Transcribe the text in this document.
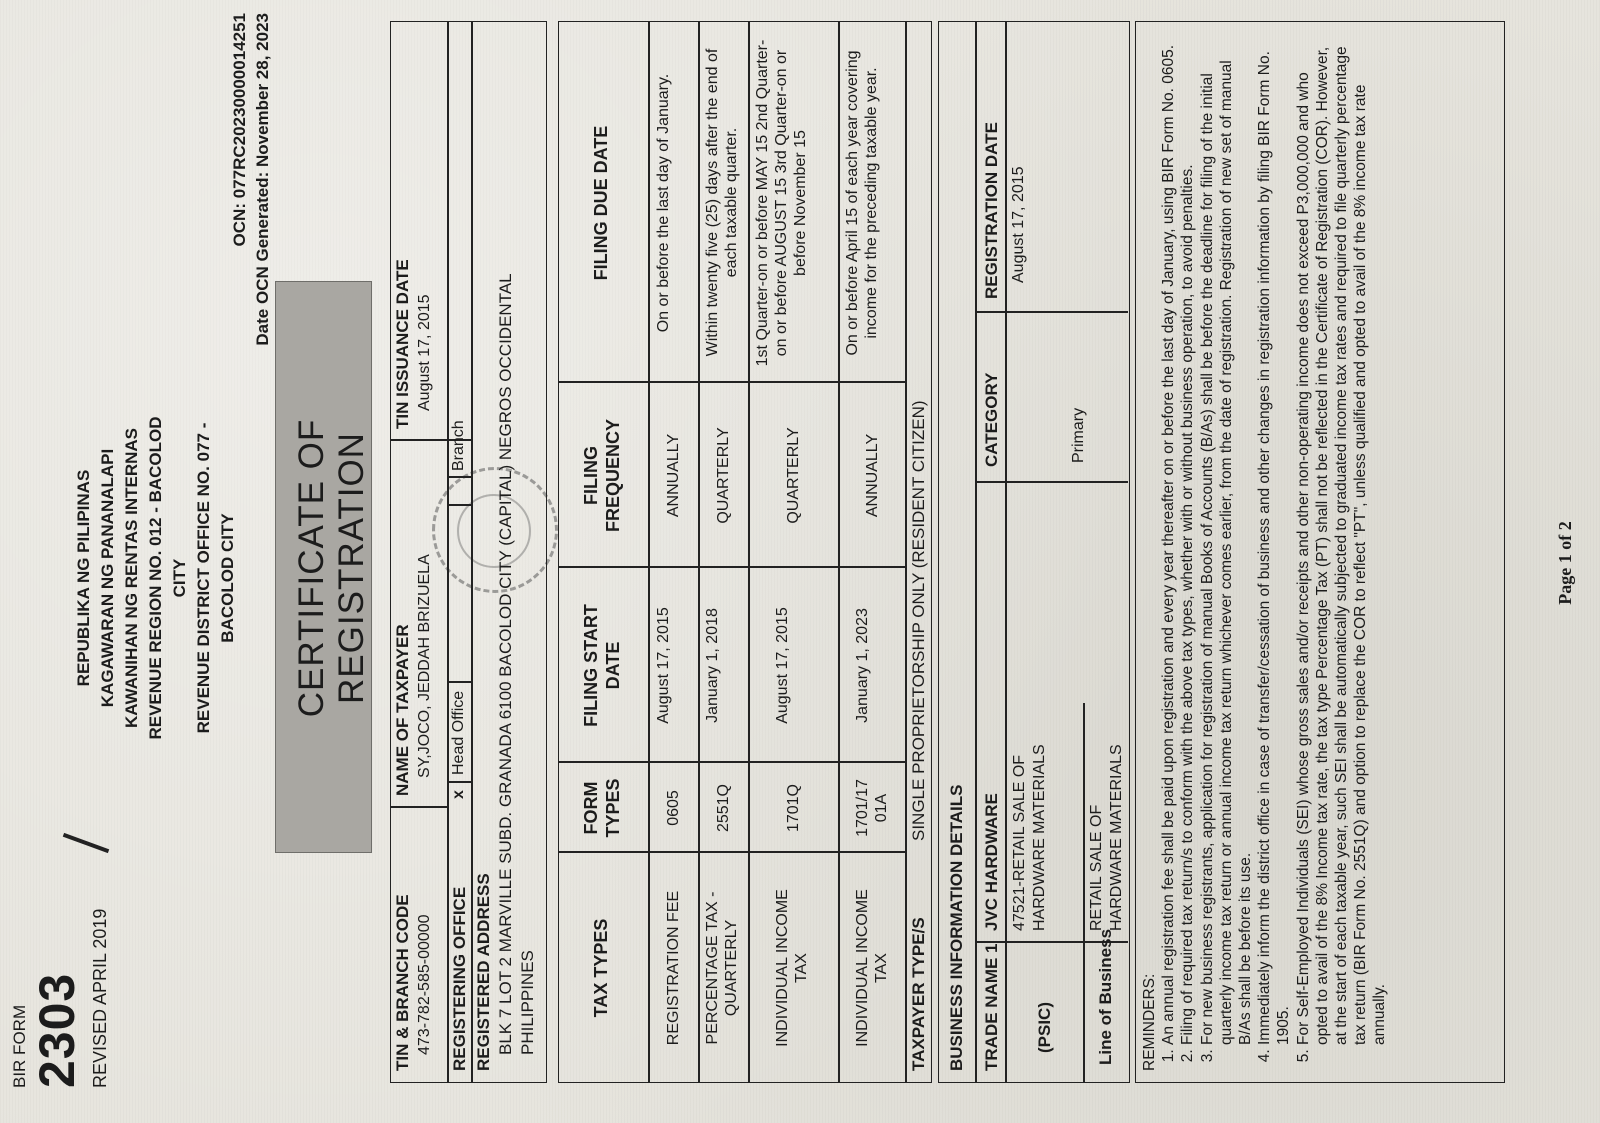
BIR FORM 2303 REVISED APRIL 2019
REPUBLIKA NG PILIPINAS KAGAWARAN NG PANANALAPI KAWANIHAN NG RENTAS INTERNAS REVENUE REGION NO. 012 - BACOLOD CITY REVENUE DISTRICT OFFICE NO. 077 - BACOLOD CITY
OCN: 077RC20230000014251 Date OCN Generated: November 28, 2023
CERTIFICATE OF REGISTRATION
TIN & BRANCH CODE 473-782-585-00000
NAME OF TAXPAYER SY,JOCO, JEDDAH BRIZUELA
TIN ISSUANCE DATE August 17, 2015
REGISTERING OFFICE
x
Head Office
Branch
REGISTERED ADDRESS BLK 7 LOT 2 MARVILLE SUBD. GRANADA 6100 BACOLOD CITY (CAPITAL) NEGROS OCCIDENTAL PHILIPPINES	TAX TYPES
FORM TYPES
FILING START DATE
FILING FREQUENCY
FILING DUE DATE
REGISTRATION FEE
0605
August 17, 2015
ANNUALLY
On or before the last day of January.
PERCENTAGE TAX - QUARTERLY
2551Q
January 1, 2018
QUARTERLY
Within twenty five (25) days after the end of each taxable quarter.
INDIVIDUAL INCOME TAX
1701Q
August 17, 2015
QUARTERLY
1st Quarter-on or before MAY 15 2nd Quarter-on or before AUGUST 15 3rd Quarter-on or before November 15
INDIVIDUAL INCOME TAX
1701/17 01A
January 1, 2023
ANNUALLY
On or before April 15 of each year covering income for the preceding taxable year.
TAXPAYER TYPE/S
SINGLE PROPRIETORSHIP ONLY (RESIDENT CITIZEN)
BUSINESS INFORMATION DETAILS TRADE NAME 1
JVC HARDWARE
CATEGORY
REGISTRATION DATE August 17, 2015
(PSIC)
47521-RETAIL SALE OF HARDWARE MATERIALS
Primary
Line of Business
RETAIL SALE OF HARDWARE MATERIALS
REMINDERS: 1. An annual registration fee shall be paid upon registration and every year thereafter on or before the last day of January, using BIR Form No. 0605. 2. Filing of required tax return/s to conform with the above tax types, whether with or without business operation, to avoid penalties. 3. For new business registrants, application for registration of manual Books of Accounts (B/As) shall be before the deadline for filing of the initial quarterly income tax return or annual income tax return whichever comes earlier, from the date of registration. Registration of new set of manual B/As shall be before its use. 4. Immediately inform the district office in case of transfer/cessation of business and other changes in registration information by filing BIR Form No. 1905. 5. For Self-Employed Individuals (SEI) whose gross sales and/or receipts and other non-operating income does not exceed P3,000,000 and who opted to avail of the 8% Income tax rate, the tax type Percentage Tax (PT) shall not be reflected in the Certificate of Registration (COR). However, at the start of each taxable year, such SEI shall be automatically subjected to graduated income tax rates and required to file quarterly percentage tax return (BIR Form No. 2551Q) and option to replace the COR to reflect "PT", unless qualified and opted to avail of the 8% income tax rate annually.
Page 1 of 2
